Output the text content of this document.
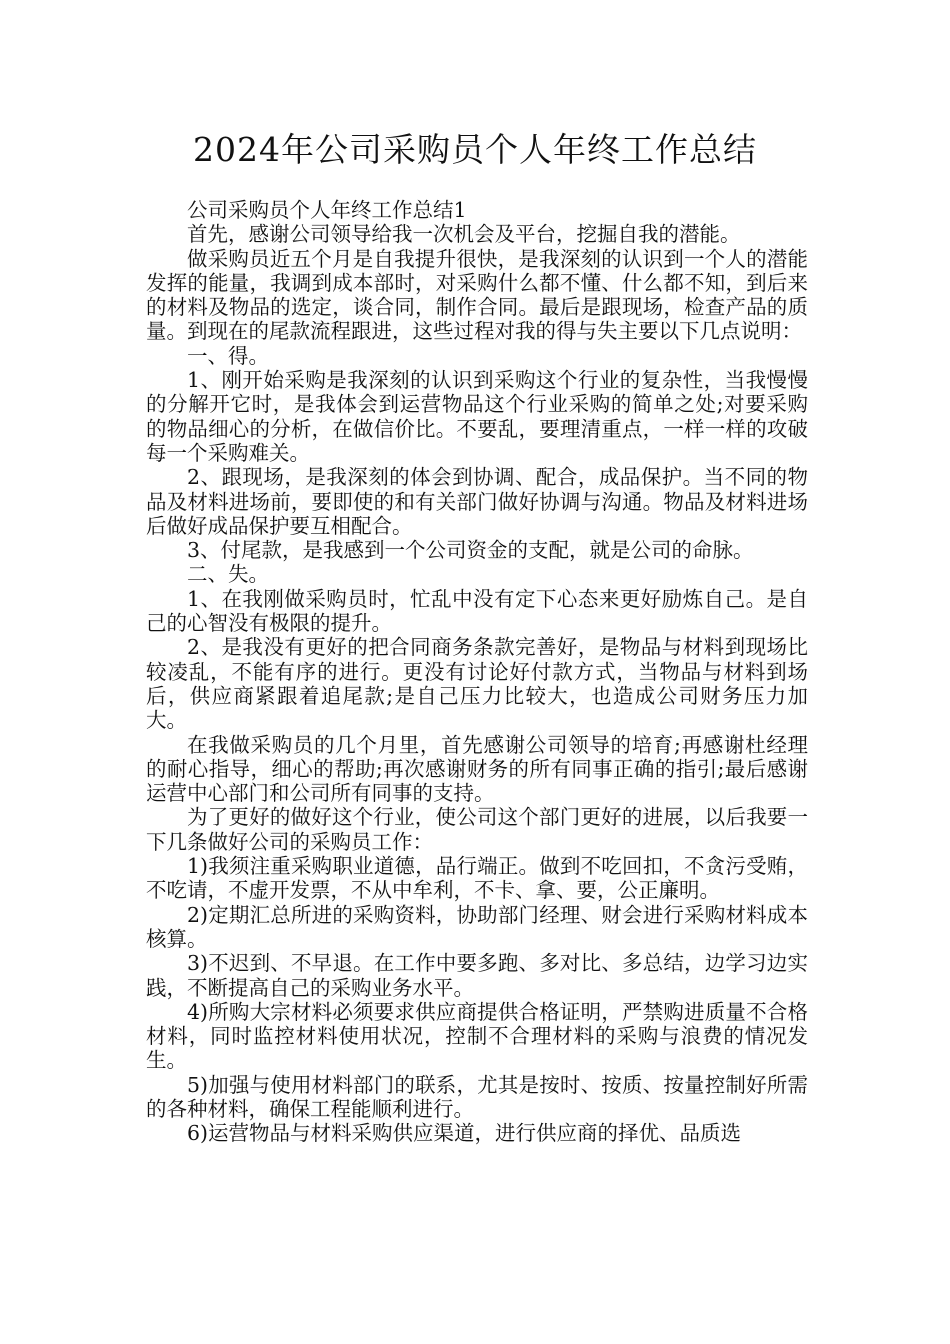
2024年公司采购员个人年终工作总结

公司采购员个人年终工作总结1

首先，感谢公司领导给我一次机会及平台，挖掘自我的潜能。

做采购员近五个月是自我提升很快，是我深刻的认识到一个人的潜能发挥的能量，我调到成本部时，对采购什么都不懂、什么都不知，到后来的材料及物品的选定，谈合同，制作合同。最后是跟现场，检查产品的质量。到现在的尾款流程跟进，这些过程对我的得与失主要以下几点说明：

一、得。

1、刚开始采购是我深刻的认识到采购这个行业的复杂性，当我慢慢的分解开它时，是我体会到运营物品这个行业采购的简单之处;对要采购的物品细心的分析，在做信价比。不要乱，要理清重点，一样一样的攻破每一个采购难关。

2、跟现场，是我深刻的体会到协调、配合，成品保护。当不同的物品及材料进场前，要即使的和有关部门做好协调与沟通。物品及材料进场后做好成品保护要互相配合。

3、付尾款，是我感到一个公司资金的支配，就是公司的命脉。

二、失。

1、在我刚做采购员时，忙乱中没有定下心态来更好励炼自己。是自己的心智没有极限的提升。

2、是我没有更好的把合同商务条款完善好，是物品与材料到现场比较凌乱，不能有序的进行。更没有讨论好付款方式，当物品与材料到场后，供应商紧跟着追尾款;是自己压力比较大，也造成公司财务压力加大。

在我做采购员的几个月里，首先感谢公司领导的培育;再感谢杜经理的耐心指导，细心的帮助;再次感谢财务的所有同事正确的指引;最后感谢运营中心部门和公司所有同事的支持。

为了更好的做好这个行业，使公司这个部门更好的进展，以后我要一下几条做好公司的采购员工作：

1)我须注重采购职业道德，品行端正。做到不吃回扣，不贪污受贿，不吃请，不虚开发票，不从中牟利，不卡、拿、要，公正廉明。

2)定期汇总所进的采购资料，协助部门经理、财会进行采购材料成本核算。

3)不迟到、不早退。在工作中要多跑、多对比、多总结，边学习边实践，不断提高自己的采购业务水平。

4)所购大宗材料必须要求供应商提供合格证明，严禁购进质量不合格材料，同时监控材料使用状况，控制不合理材料的采购与浪费的情况发生。

5)加强与使用材料部门的联系，尤其是按时、按质、按量控制好所需的各种材料，确保工程能顺利进行。

6)运营物品与材料采购供应渠道，进行供应商的择优、品质选
